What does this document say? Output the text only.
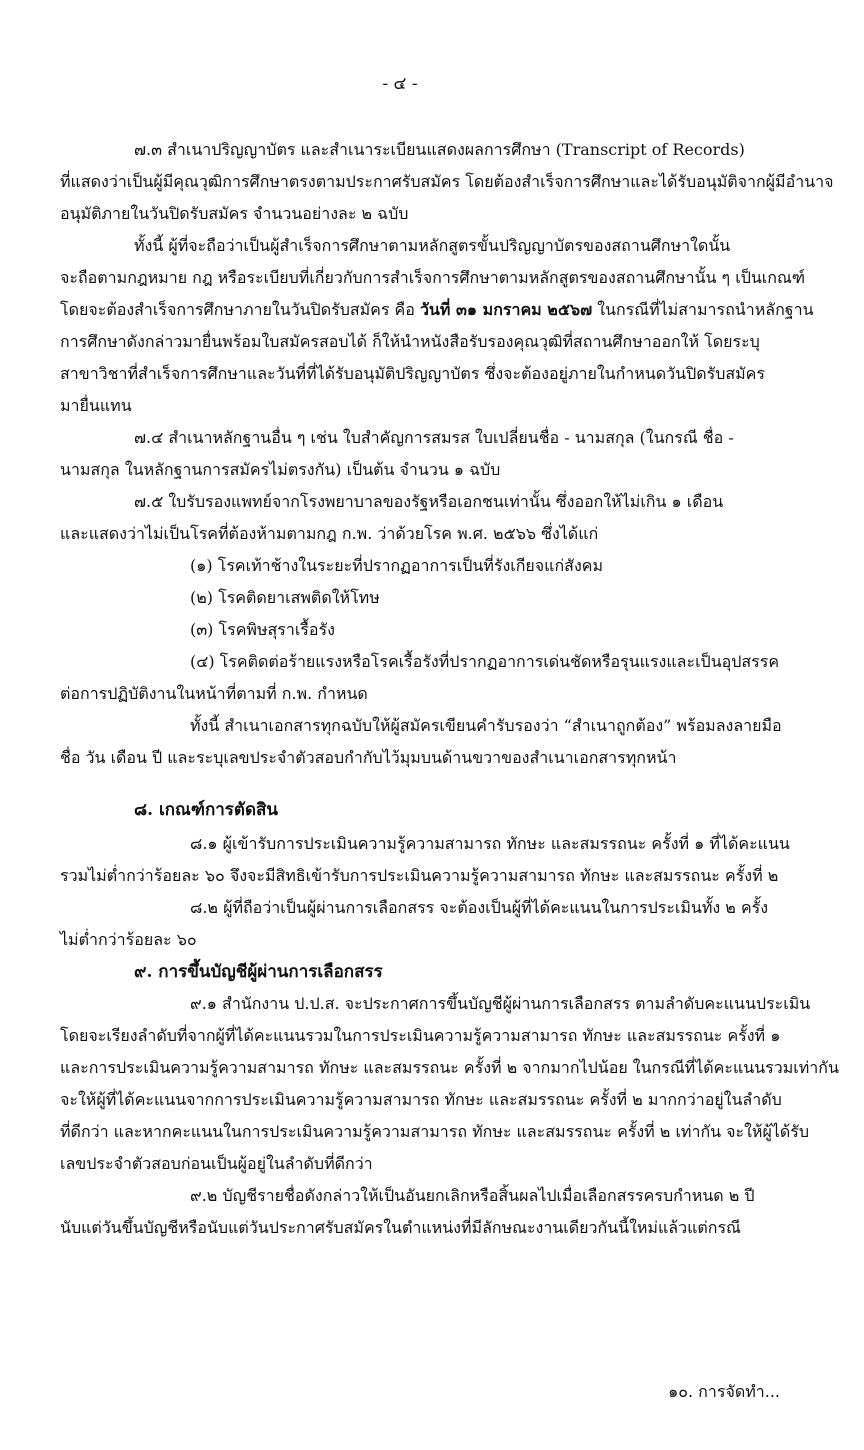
- ๔ -
๗.๓ สำเนาปริญญาบัตร และสำเนาระเบียนแสดงผลการศึกษา (Transcript of Records)
ที่แสดงว่าเป็นผู้มีคุณวุฒิการศึกษาตรงตามประกาศรับสมัคร โดยต้องสำเร็จการศึกษาและได้รับอนุมัติจากผู้มีอำนาจ
อนุมัติภายในวันปิดรับสมัคร จำนวนอย่างละ ๒ ฉบับ
ทั้งนี้ ผู้ที่จะถือว่าเป็นผู้สำเร็จการศึกษาตามหลักสูตรขั้นปริญญาบัตรของสถานศึกษาใดนั้น
จะถือตามกฎหมาย กฎ หรือระเบียบที่เกี่ยวกับการสำเร็จการศึกษาตามหลักสูตรของสถานศึกษานั้น ๆ เป็นเกณฑ์
โดยจะต้องสำเร็จการศึกษาภายในวันปิดรับสมัคร คือ วันที่ ๓๑ มกราคม ๒๕๖๗ ในกรณีที่ไม่สามารถนำหลักฐาน
การศึกษาดังกล่าวมายื่นพร้อมใบสมัครสอบได้ ก็ให้นำหนังสือรับรองคุณวุฒิที่สถานศึกษาออกให้ โดยระบุ
สาขาวิชาที่สำเร็จการศึกษาและวันที่ที่ได้รับอนุมัติปริญญาบัตร ซึ่งจะต้องอยู่ภายในกำหนดวันปิดรับสมัคร
มายื่นแทน
๗.๔ สำเนาหลักฐานอื่น ๆ เช่น ใบสำคัญการสมรส ใบเปลี่ยนชื่อ - นามสกุล (ในกรณี ชื่อ -
นามสกุล ในหลักฐานการสมัครไม่ตรงกัน) เป็นต้น จำนวน ๑ ฉบับ
๗.๕ ใบรับรองแพทย์จากโรงพยาบาลของรัฐหรือเอกชนเท่านั้น ซึ่งออกให้ไม่เกิน ๑ เดือน
และแสดงว่าไม่เป็นโรคที่ต้องห้ามตามกฎ ก.พ. ว่าด้วยโรค พ.ศ. ๒๕๖๖ ซึ่งได้แก่
(๑) โรคเท้าช้างในระยะที่ปรากฏอาการเป็นที่รังเกียจแก่สังคม
(๒) โรคติดยาเสพติดให้โทษ
(๓) โรคพิษสุราเรื้อรัง
(๔) โรคติดต่อร้ายแรงหรือโรคเรื้อรังที่ปรากฏอาการเด่นชัดหรือรุนแรงและเป็นอุปสรรค
ต่อการปฏิบัติงานในหน้าที่ตามที่ ก.พ. กำหนด
ทั้งนี้ สำเนาเอกสารทุกฉบับให้ผู้สมัครเขียนคำรับรองว่า “สำเนาถูกต้อง” พร้อมลงลายมือ
ชื่อ วัน เดือน ปี และระบุเลขประจำตัวสอบกำกับไว้มุมบนด้านขวาของสำเนาเอกสารทุกหน้า
๘. เกณฑ์การตัดสิน
๘.๑ ผู้เข้ารับการประเมินความรู้ความสามารถ ทักษะ และสมรรถนะ ครั้งที่ ๑ ที่ได้คะแนน
รวมไม่ต่ำกว่าร้อยละ ๖๐ จึงจะมีสิทธิเข้ารับการประเมินความรู้ความสามารถ ทักษะ และสมรรถนะ ครั้งที่ ๒
๘.๒ ผู้ที่ถือว่าเป็นผู้ผ่านการเลือกสรร จะต้องเป็นผู้ที่ได้คะแนนในการประเมินทั้ง ๒ ครั้ง
ไม่ต่ำกว่าร้อยละ ๖๐
๙. การขึ้นบัญชีผู้ผ่านการเลือกสรร
๙.๑ สำนักงาน ป.ป.ส. จะประกาศการขึ้นบัญชีผู้ผ่านการเลือกสรร ตามลำดับคะแนนประเมิน
โดยจะเรียงลำดับที่จากผู้ที่ได้คะแนนรวมในการประเมินความรู้ความสามารถ ทักษะ และสมรรถนะ ครั้งที่ ๑
และการประเมินความรู้ความสามารถ ทักษะ และสมรรถนะ ครั้งที่ ๒ จากมากไปน้อย ในกรณีที่ได้คะแนนรวมเท่ากัน
จะให้ผู้ที่ได้คะแนนจากการประเมินความรู้ความสามารถ ทักษะ และสมรรถนะ ครั้งที่ ๒ มากกว่าอยู่ในลำดับ
ที่ดีกว่า และหากคะแนนในการประเมินความรู้ความสามารถ ทักษะ และสมรรถนะ ครั้งที่ ๒ เท่ากัน จะให้ผู้ได้รับ
เลขประจำตัวสอบก่อนเป็นผู้อยู่ในลำดับที่ดีกว่า
๙.๒ บัญชีรายชื่อดังกล่าวให้เป็นอันยกเลิกหรือสิ้นผลไปเมื่อเลือกสรรครบกำหนด ๒ ปี
นับแต่วันขึ้นบัญชีหรือนับแต่วันประกาศรับสมัครในตำแหน่งที่มีลักษณะงานเดียวกันนี้ใหม่แล้วแต่กรณี
๑๐. การจัดทำ...
